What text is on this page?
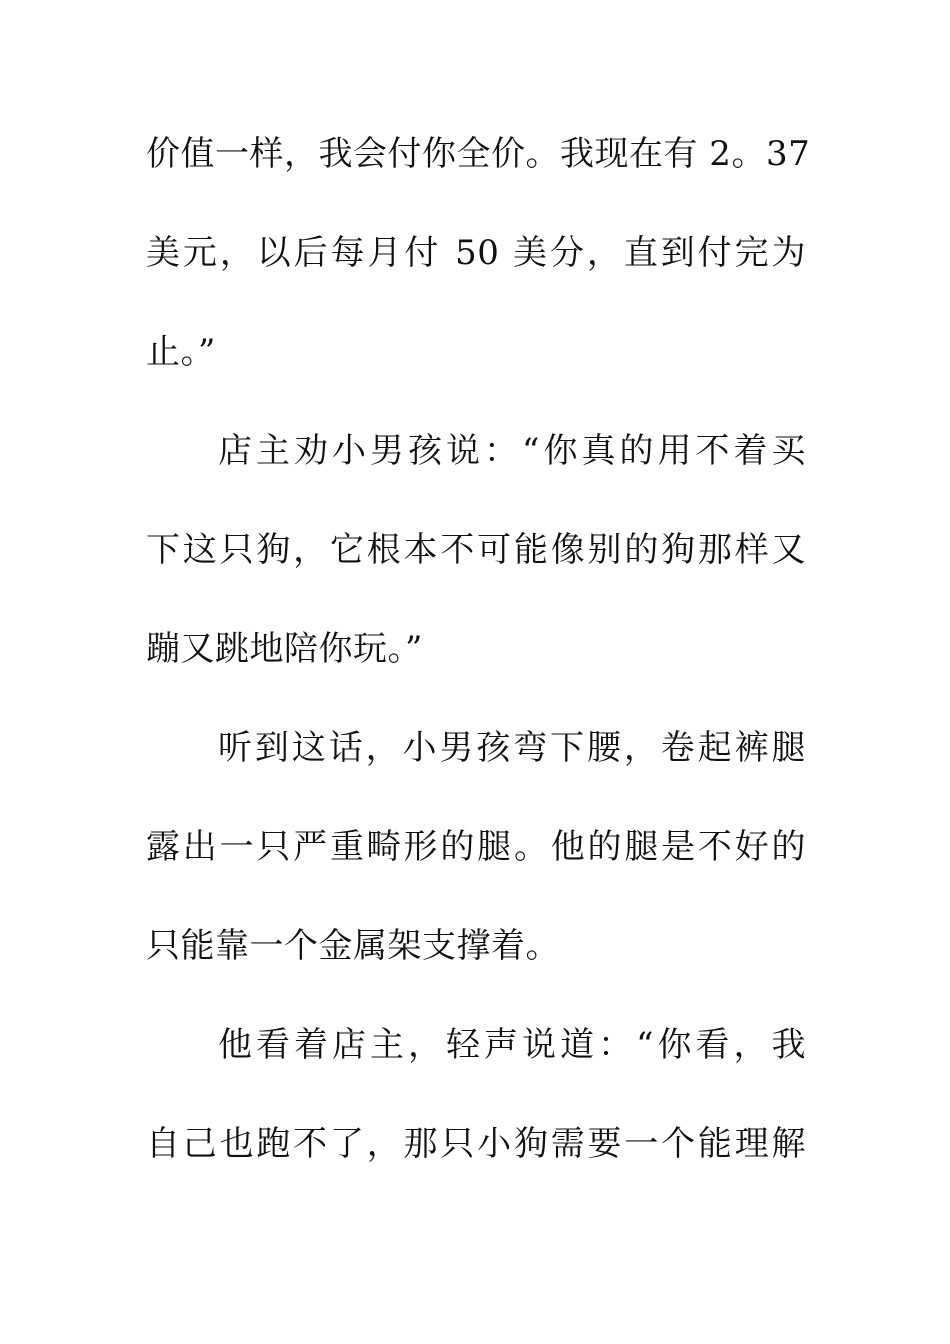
价值一样，我会付你全价。我现在有 2。37
美元，以后每月付 50 美分，直到付完为
止。”
店主劝小男孩说：“你真的用不着买
下这只狗，它根本不可能像别的狗那样又
蹦又跳地陪你玩。”
听到这话，小男孩弯下腰，卷起裤腿
露出一只严重畸形的腿。他的腿是不好的
只能靠一个金属架支撑着。
他看着店主，轻声说道：“你看，我
自己也跑不了，那只小狗需要一个能理解
